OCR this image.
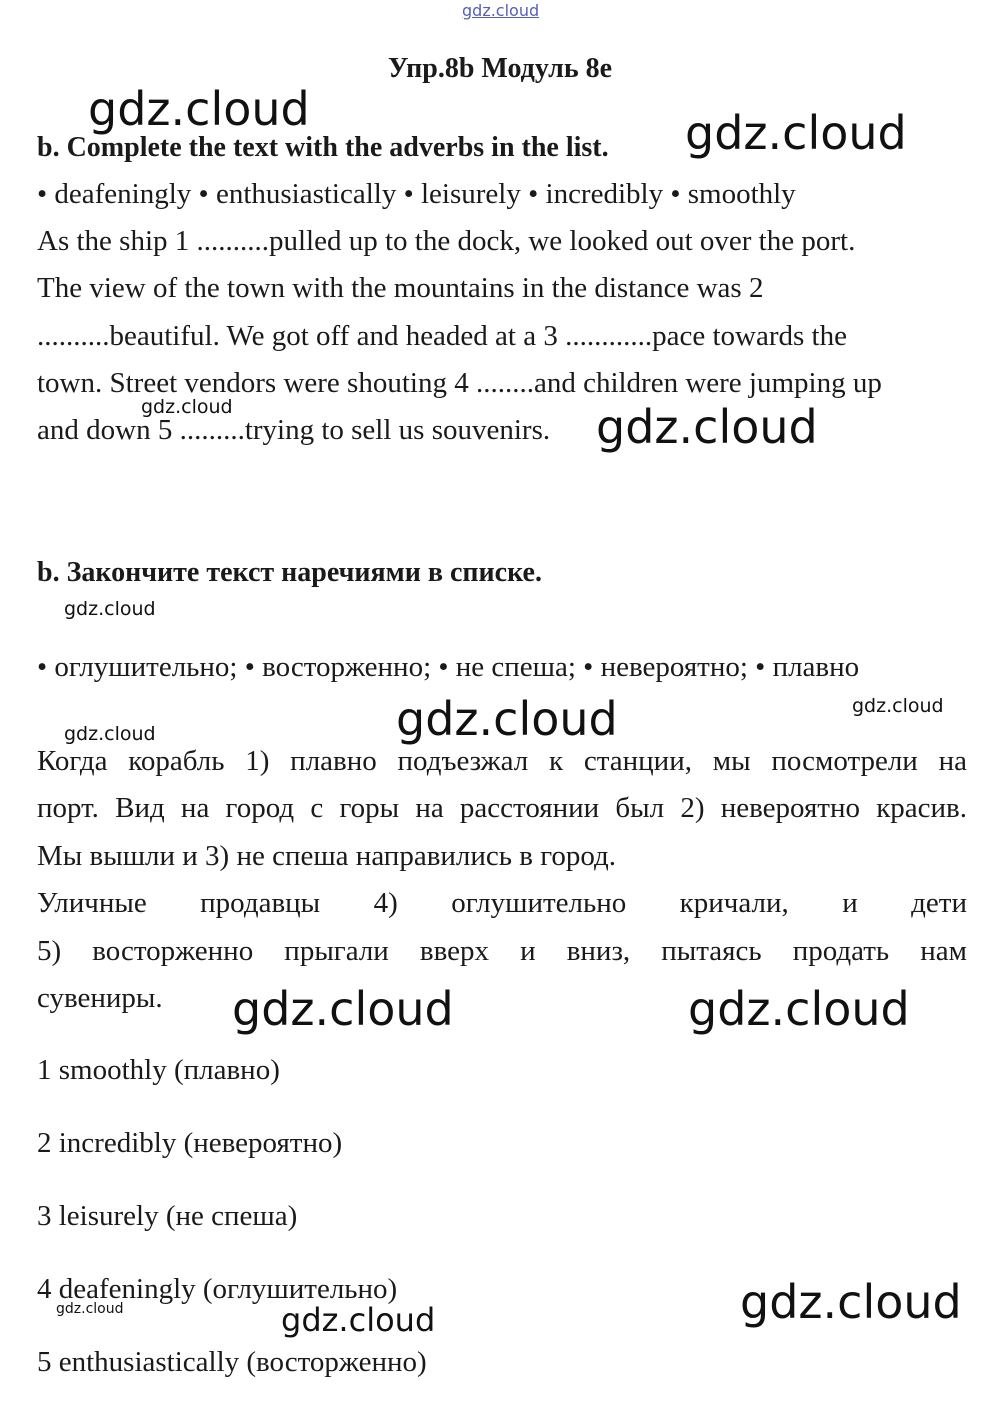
gdz.cloud
Упр.8b Модуль 8е
b. Complete the text with the adverbs in the list.
• deafeningly • enthusiastically • leisurely • incredibly • smoothly
As the ship 1 ..........pulled up to the dock, we looked out over the port.
The view of the town with the mountains in the distance was 2
..........beautiful. We got off and headed at a 3 ............pace towards the
town. Street vendors were shouting 4 ........and children were jumping up
and down 5 .........trying to sell us souvenirs.
b. Закончите текст наречиями в списке.
• оглушительно; • восторженно; • не спеша; • невероятно; • плавно
Когда корабль 1) плавно подъезжал к станции, мы посмотрели на
порт. Вид на город с горы на расстоянии был 2) невероятно красив.
Мы вышли и 3) не спеша направились в город.
Уличные продавцы 4) оглушительно кричали, и дети
5) восторженно прыгали вверх и вниз, пытаясь продать нам
сувениры.
1 smoothly (плавно)
2 incredibly (невероятно)
3 leisurely (не спеша)
4 deafeningly (оглушительно)
5 enthusiastically (восторженно)
gdz.cloud	gdz.cloud
gdz.cloud	gdz.cloud
gdz.cloud
gdz.cloud	gdz.cloud
gdz.cloud
gdz.cloud	gdz.cloud
gdz.cloud
gdz.cloud	gdz.cloud
